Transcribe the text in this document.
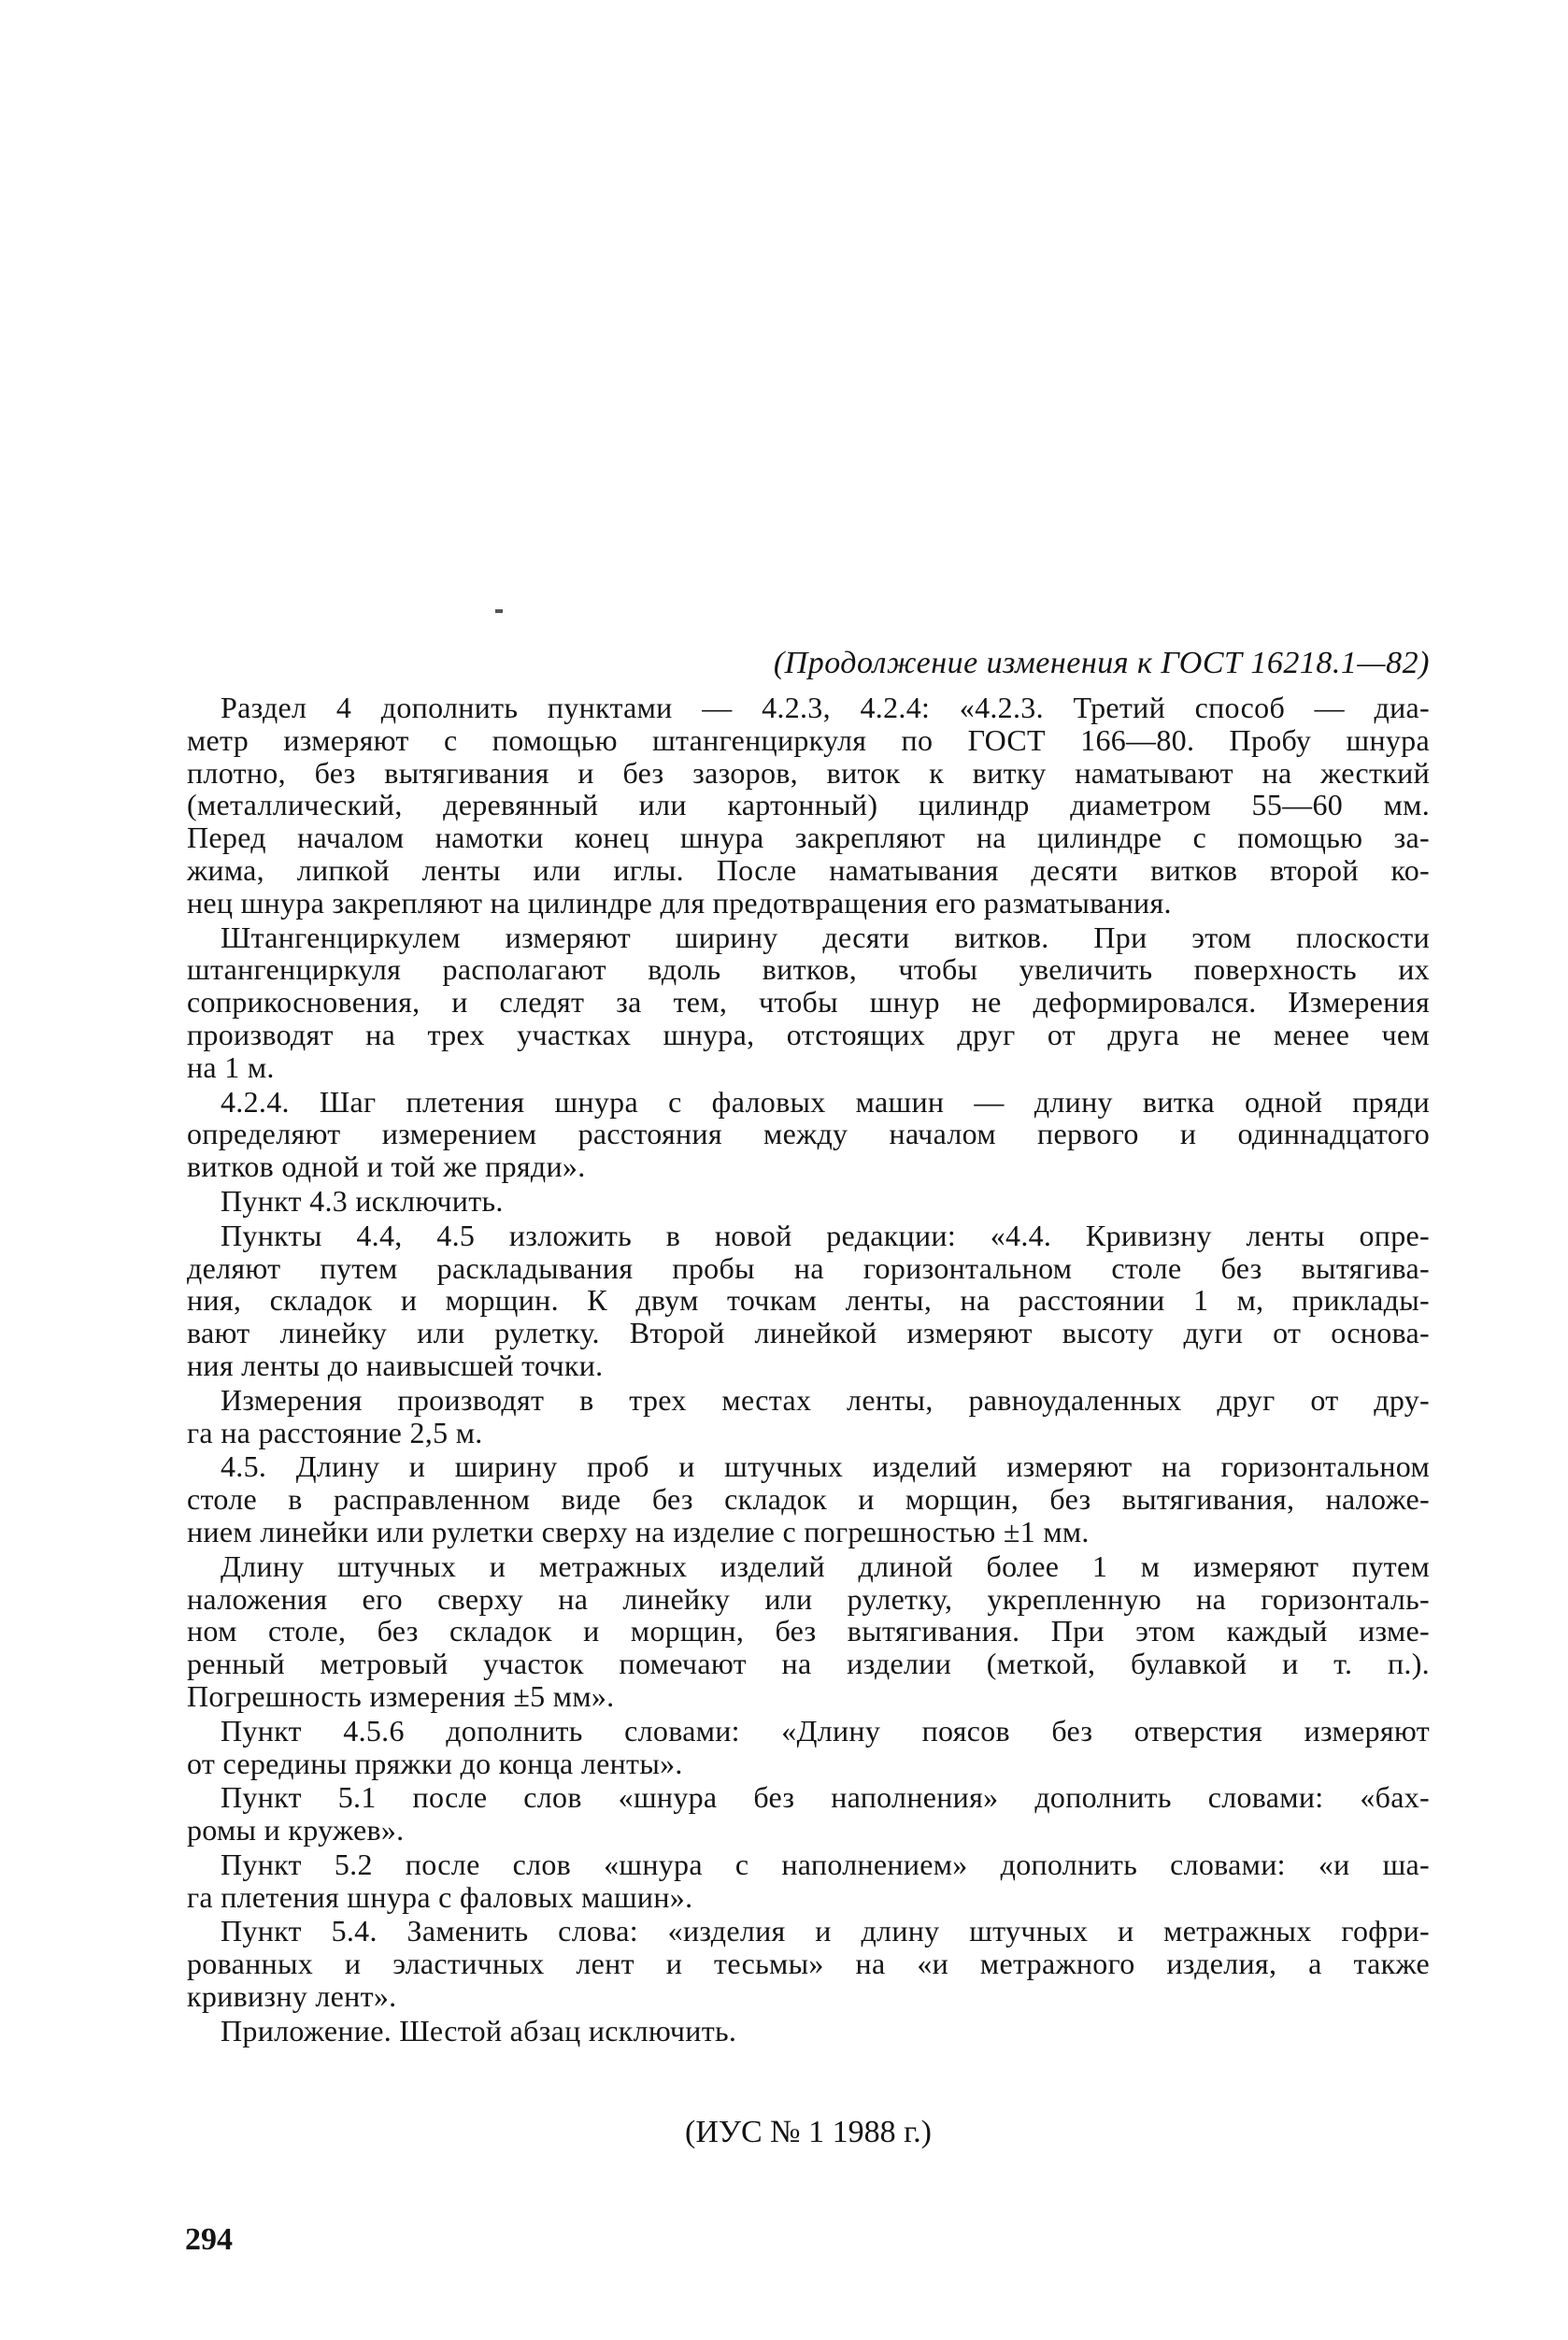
(Продолжение изменения к ГОСТ 16218.1—82)

Раздел 4 дополнить пунктами — 4.2.3, 4.2.4: «4.2.3. Третий способ — диа-
метр измеряют с помощью штангенциркуля по ГОСТ 166—80. Пробу шнура
плотно, без вытягивания и без зазоров, виток к витку наматывают на жесткий
(металлический, деревянный или картонный) цилиндр диаметром 55—60 мм.
Перед началом намотки конец шнура закрепляют на цилиндре с помощью за-
жима, липкой ленты или иглы. После наматывания десяти витков второй ко-
нец шнура закрепляют на цилиндре для предотвращения его разматывания.

Штангенциркулем измеряют ширину десяти витков. При этом плоскости
штангенциркуля располагают вдоль витков, чтобы увеличить поверхность их
соприкосновения, и следят за тем, чтобы шнур не деформировался. Измерения
производят на трех участках шнура, отстоящих друг от друга не менее чем
на 1 м.

4.2.4. Шаг плетения шнура с фаловых машин — длину витка одной пряди
определяют измерением расстояния между началом первого и одиннадцатого
витков одной и той же пряди».

Пункт 4.3 исключить.

Пункты 4.4, 4.5 изложить в новой редакции: «4.4. Кривизну ленты опре-
деляют путем раскладывания пробы на горизонтальном столе без вытягива-
ния, складок и морщин. К двум точкам ленты, на расстоянии 1 м, приклады-
вают линейку или рулетку. Второй линейкой измеряют высоту дуги от основа-
ния ленты до наивысшей точки.

Измерения производят в трех местах ленты, равноудаленных друг от дру-
га на расстояние 2,5 м.

4.5. Длину и ширину проб и штучных изделий измеряют на горизонтальном
столе в расправленном виде без складок и морщин, без вытягивания, наложе-
нием линейки или рулетки сверху на изделие с погрешностью ±1 мм.

Длину штучных и метражных изделий длиной более 1 м измеряют путем
наложения его сверху на линейку или рулетку, укрепленную на горизонталь-
ном столе, без складок и морщин, без вытягивания. При этом каждый изме-
ренный метровый участок помечают на изделии (меткой, булавкой и т. п.).
Погрешность измерения ±5 мм».

Пункт 4.5.6 дополнить словами: «Длину поясов без отверстия измеряют
от середины пряжки до конца ленты».

Пункт 5.1 после слов «шнура без наполнения» дополнить словами: «бах-
ромы и кружев».

Пункт 5.2 после слов «шнура с наполнением» дополнить словами: «и ша-
га плетения шнура с фаловых машин».

Пункт 5.4. Заменить слова: «изделия и длину штучных и метражных гофри-
рованных и эластичных лент и тесьмы» на «и метражного изделия, а также
кривизну лент».

Приложение. Шестой абзац исключить.

(ИУС № 1 1988 г.)
294
